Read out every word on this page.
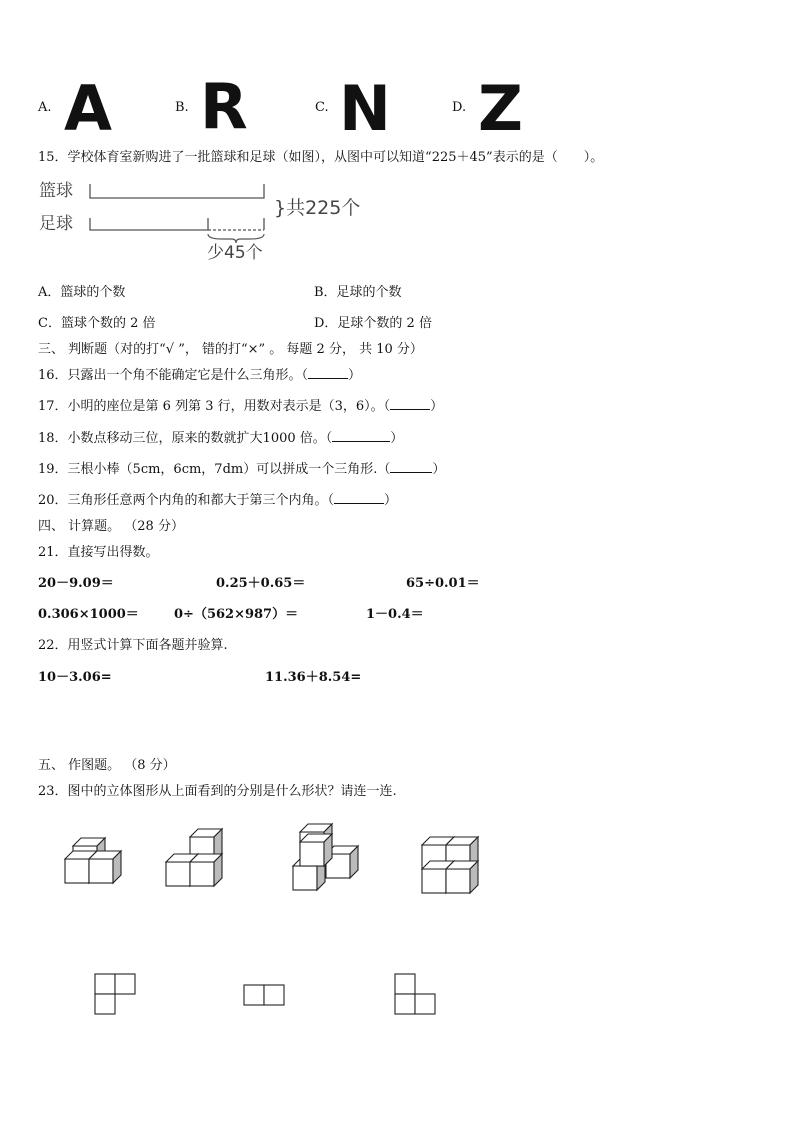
A. A	B. R	C. N	D. Z
15．学校体育室新购进了一批篮球和足球（如图），从图中可以知道“225＋45”表示的是（　　）。
篮球
足球
少45个
}共225个
A．篮球的个数	B．足球的个数
C．篮球个数的 2 倍	D．足球个数的 2 倍
三、 判断题（对的打“√ ”， 错的打“×” 。 每题 2 分， 共 10 分）
16．只露出一个角不能确定它是什么三角形。（	）
17．小明的座位是第 6 列第 3 行，用数对表示是（3，6）。（	）
18．小数点移动三位，原来的数就扩大1000 倍。（	）
19．三根小棒（5cm，6cm，7dm）可以拼成一个三角形.（	）
20．三角形任意两个内角的和都大于第三个内角。（	）
四、 计算题。 （28 分）
21．直接写出得数。
20－9.09＝	0.25＋0.65＝	65÷0.01＝
0.306×1000＝	0÷（562×987）＝	1－0.4＝
22．用竖式计算下面各题并验算.
10－3.06=	11.36＋8.54=
五、 作图题。 （8 分）
23．图中的立体图形从上面看到的分别是什么形状？请连一连.
